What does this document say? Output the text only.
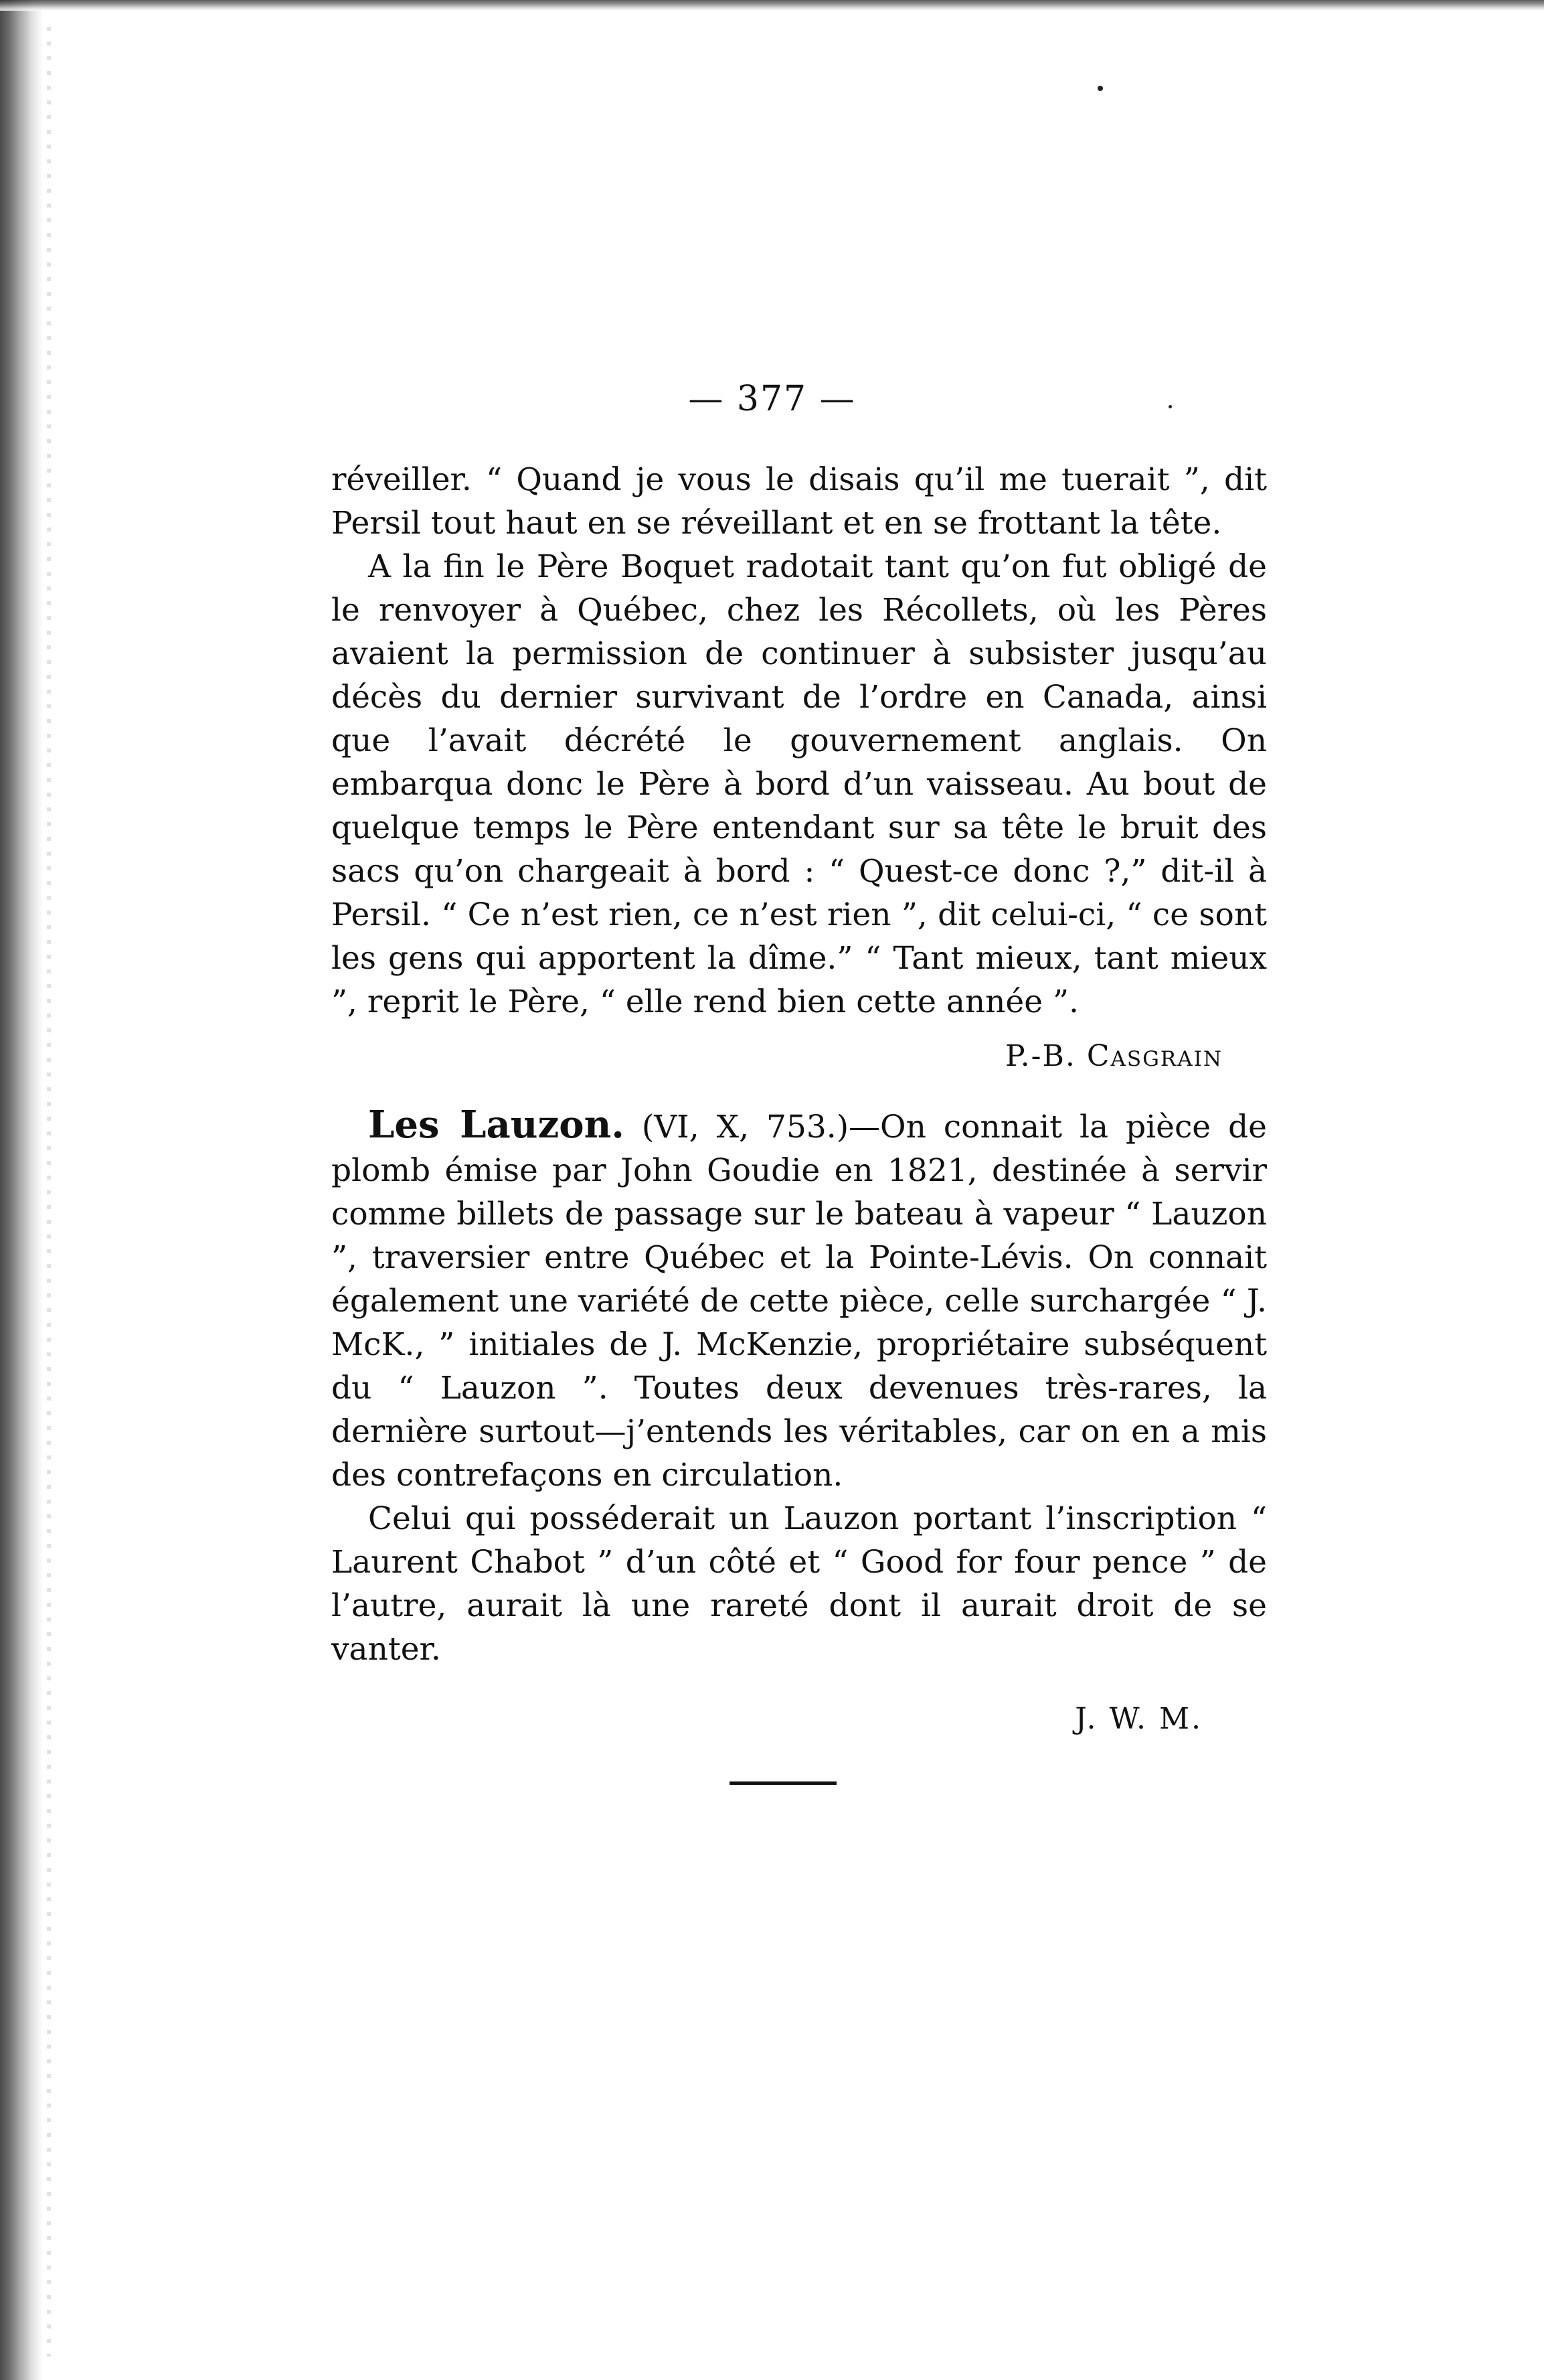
— 377 —

réveiller. “ Quand je vous le disais qu’il me tuerait ”, dit Persil tout haut en se réveillant et en se frottant la tête.

A la fin le Père Boquet radotait tant qu’on fut obligé de le renvoyer à Québec, chez les Récollets, où les Pères avaient la permission de continuer à subsister jusqu’au décès du dernier survivant de l’ordre en Canada, ainsi que l’avait décrété le gouvernement anglais. On embarqua donc le Père à bord d’un vaisseau. Au bout de quelque temps le Père entendant sur sa tête le bruit des sacs qu’on chargeait à bord : “ Quest-ce donc ?,” dit-il à Persil. “ Ce n’est rien, ce n’est rien ”, dit celui-ci, “ ce sont les gens qui apportent la dîme.” “ Tant mieux, tant mieux ”, reprit le Père, “ elle rend bien cette année ”.

P.-B. Casgrain

Les Lauzon. (VI, X, 753.)—On connait la pièce de plomb émise par John Goudie en 1821, destinée à servir comme billets de passage sur le bateau à vapeur “ Lauzon ”, traversier entre Québec et la Pointe-Lévis. On connait également une variété de cette pièce, celle surchargée “ J. McK., ” initiales de J. McKenzie, propriétaire subséquent du “ Lauzon ”. Toutes deux devenues très-rares, la dernière surtout—j’entends les véritables, car on en a mis des contrefaçons en circulation.

Celui qui posséderait un Lauzon portant l’inscription “ Laurent Chabot ” d’un côté et “ Good for four pence ” de l’autre, aurait là une rareté dont il aurait droit de se vanter.

J. W. M.
